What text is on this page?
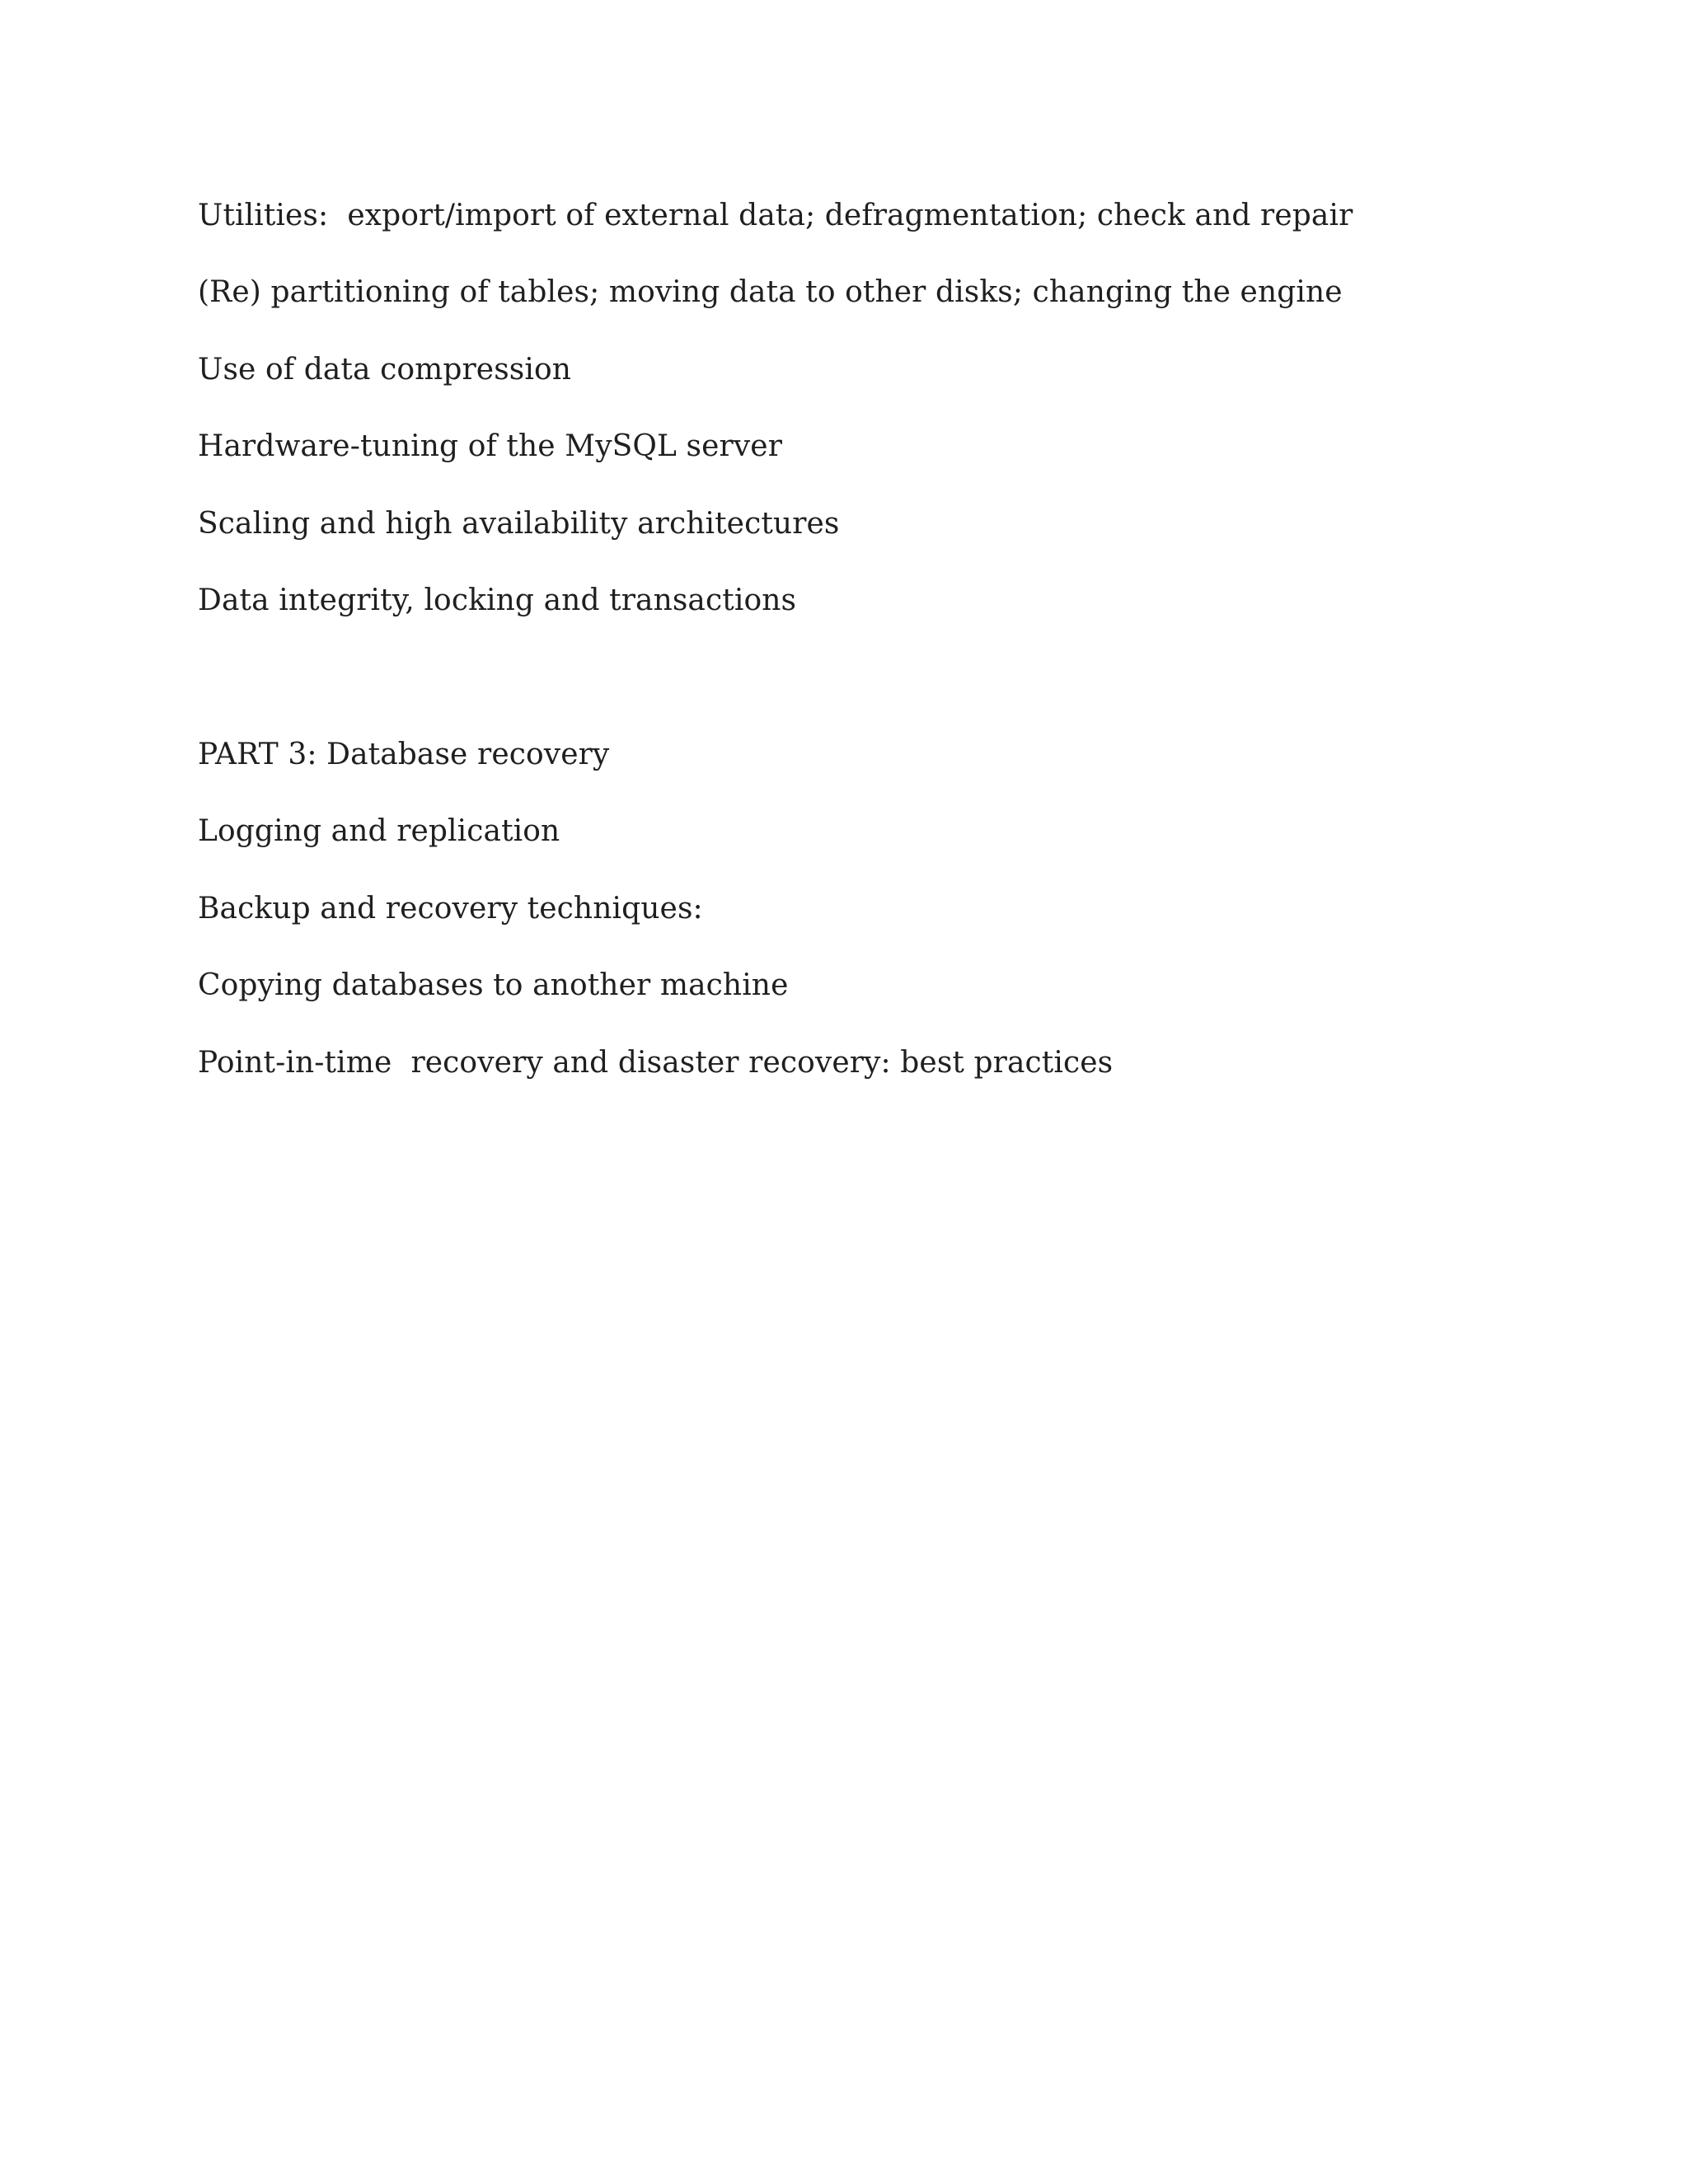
Utilities:  export/import of external data; defragmentation; check and repair
(Re) partitioning of tables; moving data to other disks; changing the engine
Use of data compression
Hardware-tuning of the MySQL server
Scaling and high availability architectures
Data integrity, locking and transactions
PART 3: Database recovery
Logging and replication
Backup and recovery techniques:
Copying databases to another machine
Point-in-time  recovery and disaster recovery: best practices
